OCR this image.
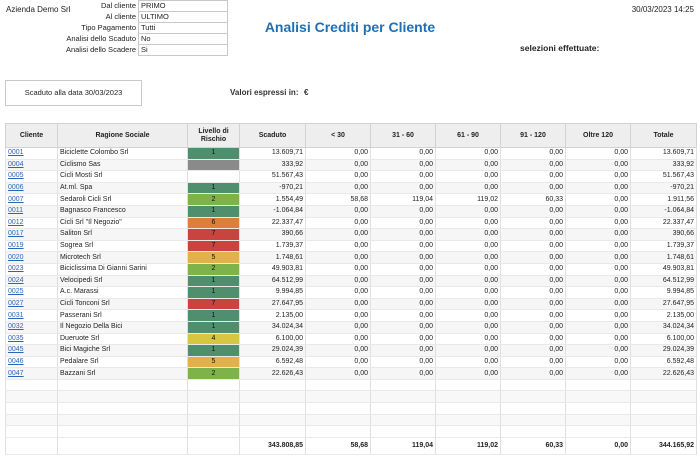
Azienda Demo Srl	30/03/2023 14:25
Analisi Crediti per Cliente
selezioni effettuate:
Dal cliente	PRIMO
Al cliente	ULTIMO
Tipo Pagamento	Tutti
Analisi dello Scaduto	No
Analisi dello Scadere	Si
Scaduto alla data 30/03/2023	Valori espressi in: €
Cliente	Ragione Sociale	Livello di Rischio	Scaduto	< 30	31 - 60	61 - 90	91 - 120	Oltre 120	Totale
0001	Biciclette Colombo Srl	1	13.609,71	0,00	0,00	0,00	0,00	0,00	13.609,71
0004	Ciclismo Sas		333,92	0,00	0,00	0,00	0,00	0,00	333,92
0005	Cicli Mosti Srl		51.567,43	0,00	0,00	0,00	0,00	0,00	51.567,43
0006	At.ml. Spa	1	-970,21	0,00	0,00	0,00	0,00	0,00	-970,21
0007	Sedaroli Cicli Srl	2	1.554,49	58,68	119,04	119,02	60,33	0,00	1.911,56
0011	Bagnasco Francesco	1	-1.064,84	0,00	0,00	0,00	0,00	0,00	-1.064,84
0012	Cicli Srl "Il Negozio"	6	22.337,47	0,00	0,00	0,00	0,00	0,00	22.337,47
0017	Saliton Srl	7	390,66	0,00	0,00	0,00	0,00	0,00	390,66
0019	Sogrea Srl	7	1.739,37	0,00	0,00	0,00	0,00	0,00	1.739,37
0020	Microtech Srl	5	1.748,61	0,00	0,00	0,00	0,00	0,00	1.748,61
0023	Biciclissima Di Gianni Sarini	2	49.903,81	0,00	0,00	0,00	0,00	0,00	49.903,81
0024	Velocipedi Srl	1	64.512,99	0,00	0,00	0,00	0,00	0,00	64.512,99
0025	A.c. Marassi	1	9.994,85	0,00	0,00	0,00	0,00	0,00	9.994,85
0027	Cicli Tonconi Srl	7	27.647,95	0,00	0,00	0,00	0,00	0,00	27.647,95
0031	Passerani Srl	1	2.135,00	0,00	0,00	0,00	0,00	0,00	2.135,00
0032	Il Negozio Della Bici	1	34.024,34	0,00	0,00	0,00	0,00	0,00	34.024,34
0035	Dueruote Srl	4	6.100,00	0,00	0,00	0,00	0,00	0,00	6.100,00
0045	Bici Magiche Srl	1	29.024,39	0,00	0,00	0,00	0,00	0,00	29.024,39
0046	Pedalare Srl	5	6.592,48	0,00	0,00	0,00	0,00	0,00	6.592,48
0047	Bazzani Srl	2	22.626,43	0,00	0,00	0,00	0,00	0,00	22.626,43

			343.808,85	58,68	119,04	119,02	60,33	0,00	344.165,92
